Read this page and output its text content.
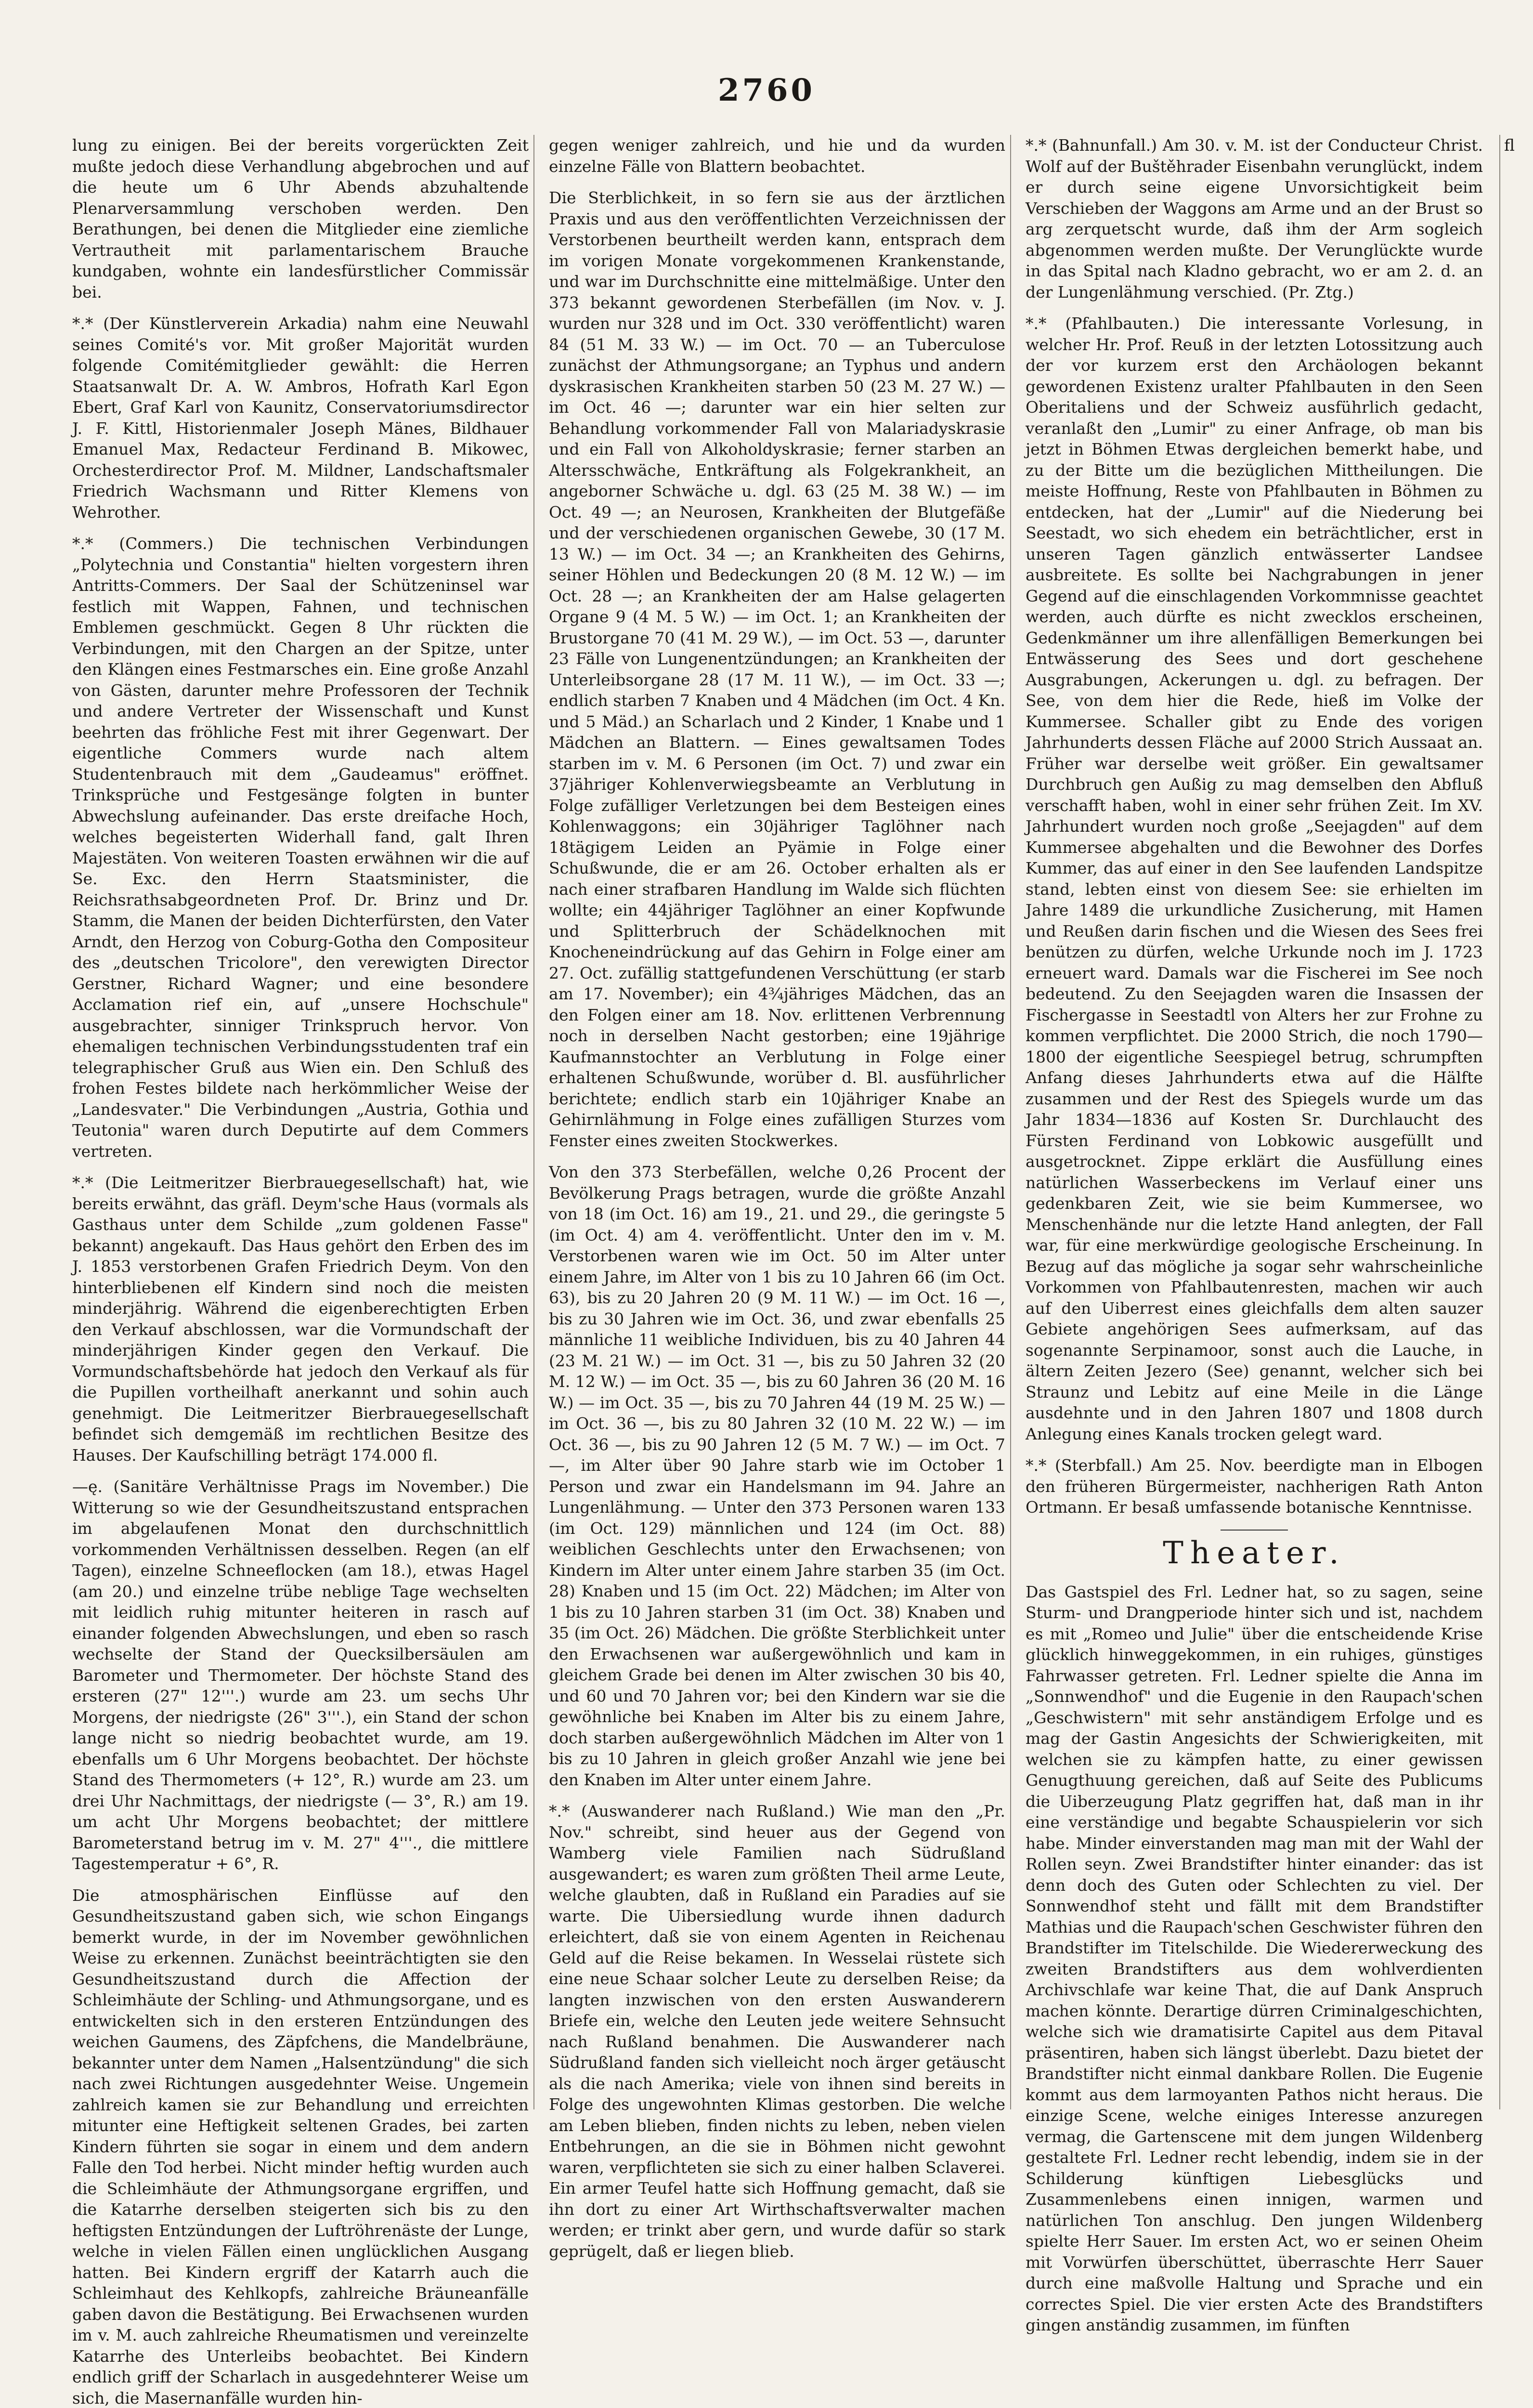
2760

lung zu einigen. Bei der bereits vorgerückten Zeit mußte jedoch diese Verhandlung abgebrochen und auf die heute um 6 Uhr Abends abzuhaltende Plenarversammlung verschoben werden. Den Berathungen, bei denen die Mitglieder eine ziemliche Vertrautheit mit parlamentarischem Brauche kundgaben, wohnte ein landesfürstlicher Commissär bei.

*.* (Der Künstlerverein Arkadia) nahm eine Neuwahl seines Comité's vor. Mit großer Majorität wurden folgende Comitémitglieder gewählt: die Herren Staatsanwalt Dr. A. W. Ambros, Hofrath Karl Egon Ebert, Graf Karl von Kaunitz, Conservatoriumsdirector J. F. Kittl, Historienmaler Joseph Mänes, Bildhauer Emanuel Max, Redacteur Ferdinand B. Mikowec, Orchesterdirector Prof. M. Mildner, Landschaftsmaler Friedrich Wachsmann und Ritter Klemens von Wehrother.

*.* (Commers.) Die technischen Verbindungen „Polytechnia und Constantia" hielten vorgestern ihren Antritts-Commers. Der Saal der Schützeninsel war festlich mit Wappen, Fahnen, und technischen Emblemen geschmückt. Gegen 8 Uhr rückten die Verbindungen, mit den Chargen an der Spitze, unter den Klängen eines Festmarsches ein. Eine große Anzahl von Gästen, darunter mehre Professoren der Technik und andere Vertreter der Wissenschaft und Kunst beehrten das fröhliche Fest mit ihrer Gegenwart. Der eigentliche Commers wurde nach altem Studentenbrauch mit dem „Gaudeamus" eröffnet. Trinksprüche und Festgesänge folgten in bunter Abwechslung aufeinander. Das erste dreifache Hoch, welches begeisterten Widerhall fand, galt Ihren Majestäten. Von weiteren Toasten erwähnen wir die auf Se. Exc. den Herrn Staatsminister, die Reichsrathsabgeordneten Prof. Dr. Brinz und Dr. Stamm, die Manen der beiden Dichterfürsten, den Vater Arndt, den Herzog von Coburg-Gotha den Compositeur des „deutschen Tricolore", den verewigten Director Gerstner, Richard Wagner; und eine besondere Acclamation rief ein, auf „unsere Hochschule" ausgebrachter, sinniger Trinkspruch hervor. Von ehemaligen technischen Verbindungsstudenten traf ein telegraphischer Gruß aus Wien ein. Den Schluß des frohen Festes bildete nach herkömmlicher Weise der „Landesvater." Die Verbindungen „Austria, Gothia und Teutonia" waren durch Deputirte auf dem Commers vertreten.

*.* (Die Leitmeritzer Bierbrauegesellschaft) hat, wie bereits erwähnt, das gräfl. Deym'sche Haus (vormals als Gasthaus unter dem Schilde „zum goldenen Fasse" bekannt) angekauft. Das Haus gehört den Erben des im J. 1853 verstorbenen Grafen Friedrich Deym. Von den hinterbliebenen elf Kindern sind noch die meisten minderjährig. Während die eigenberechtigten Erben den Verkauf abschlossen, war die Vormundschaft der minderjährigen Kinder gegen den Verkauf. Die Vormundschaftsbehörde hat jedoch den Verkauf als für die Pupillen vortheilhaft anerkannt und sohin auch genehmigt. Die Leitmeritzer Bierbrauegesellschaft befindet sich demgemäß im rechtlichen Besitze des Hauses. Der Kaufschilling beträgt 174.000 fl.

—ę. (Sanitäre Verhältnisse Prags im November.) Die Witterung so wie der Gesundheitszustand entsprachen im abgelaufenen Monat den durchschnittlich vorkommenden Verhältnissen desselben. Regen (an elf Tagen), einzelne Schneeflocken (am 18.), etwas Hagel (am 20.) und einzelne trübe neblige Tage wechselten mit leidlich ruhig mitunter heiteren in rasch auf einander folgenden Abwechslungen, und eben so rasch wechselte der Stand der Quecksilbersäulen am Barometer und Thermometer. Der höchste Stand des ersteren (27" 12'''.) wurde am 23. um sechs Uhr Morgens, der niedrigste (26" 3'''.), ein Stand der schon lange nicht so niedrig beobachtet wurde, am 19. ebenfalls um 6 Uhr Morgens beobachtet. Der höchste Stand des Thermometers (+ 12°, R.) wurde am 23. um drei Uhr Nachmittags, der niedrigste (— 3°, R.) am 19. um acht Uhr Morgens beobachtet; der mittlere Barometerstand betrug im v. M. 27" 4'''., die mittlere Tagestemperatur + 6°, R.

Die atmosphärischen Einflüsse auf den Gesundheitszustand gaben sich, wie schon Eingangs bemerkt wurde, in der im November gewöhnlichen Weise zu erkennen. Zunächst beeinträchtigten sie den Gesundheitszustand durch die Affection der Schleimhäute der Schling- und Athmungsorgane, und es entwickelten sich in den ersteren Entzündungen des weichen Gaumens, des Zäpfchens, die Mandelbräune, bekannter unter dem Namen „Halsentzündung" die sich nach zwei Richtungen ausgedehnter Weise. Ungemein zahlreich kamen sie zur Behandlung und erreichten mitunter eine Heftigkeit seltenen Grades, bei zarten Kindern führten sie sogar in einem und dem andern Falle den Tod herbei. Nicht minder heftig wurden auch die Schleimhäute der Athmungsorgane ergriffen, und die Katarrhe derselben steigerten sich bis zu den heftigsten Entzündungen der Luftröhrenäste der Lunge, welche in vielen Fällen einen unglücklichen Ausgang hatten. Bei Kindern ergriff der Katarrh auch die Schleimhaut des Kehlkopfs, zahlreiche Bräuneanfälle gaben davon die Bestätigung. Bei Erwachsenen wurden im v. M. auch zahlreiche Rheumatismen und vereinzelte Katarrhe des Unterleibs beobachtet. Bei Kindern endlich griff der Scharlach in ausgedehnterer Weise um sich, die Masernanfälle wurden hin-

gegen weniger zahlreich, und hie und da wurden einzelne Fälle von Blattern beobachtet.

Die Sterblichkeit, in so fern sie aus der ärztlichen Praxis und aus den veröffentlichten Verzeichnissen der Verstorbenen beurtheilt werden kann, entsprach dem im vorigen Monate vorgekommenen Krankenstande, und war im Durchschnitte eine mittelmäßige. Unter den 373 bekannt gewordenen Sterbefällen (im Nov. v. J. wurden nur 328 und im Oct. 330 veröffentlicht) waren 84 (51 M. 33 W.) — im Oct. 70 — an Tuberculose zunächst der Athmungsorgane; an Typhus und andern dyskrasischen Krankheiten starben 50 (23 M. 27 W.) — im Oct. 46 —; darunter war ein hier selten zur Behandlung vorkommender Fall von Malariadyskrasie und ein Fall von Alkoholdyskrasie; ferner starben an Altersschwäche, Entkräftung als Folgekrankheit, an angeborner Schwäche u. dgl. 63 (25 M. 38 W.) — im Oct. 49 —; an Neurosen, Krankheiten der Blutgefäße und der verschiedenen organischen Gewebe, 30 (17 M. 13 W.) — im Oct. 34 —; an Krankheiten des Gehirns, seiner Höhlen und Bedeckungen 20 (8 M. 12 W.) — im Oct. 28 —; an Krankheiten der am Halse gelagerten Organe 9 (4 M. 5 W.) — im Oct. 1; an Krankheiten der Brustorgane 70 (41 M. 29 W.), — im Oct. 53 —, darunter 23 Fälle von Lungenentzündungen; an Krankheiten der Unterleibsorgane 28 (17 M. 11 W.), — im Oct. 33 —; endlich starben 7 Knaben und 4 Mädchen (im Oct. 4 Kn. und 5 Mäd.) an Scharlach und 2 Kinder, 1 Knabe und 1 Mädchen an Blattern. — Eines gewaltsamen Todes starben im v. M. 6 Personen (im Oct. 7) und zwar ein 37jähriger Kohlenverwiegsbeamte an Verblutung in Folge zufälliger Verletzungen bei dem Besteigen eines Kohlenwaggons; ein 30jähriger Taglöhner nach 18tägigem Leiden an Pyämie in Folge einer Schußwunde, die er am 26. October erhalten als er nach einer strafbaren Handlung im Walde sich flüchten wollte; ein 44jähriger Taglöhner an einer Kopfwunde und Splitterbruch der Schädelknochen mit Knocheneindrückung auf das Gehirn in Folge einer am 27. Oct. zufällig stattgefundenen Verschüttung (er starb am 17. November); ein 4¾jähriges Mädchen, das an den Folgen einer am 18. Nov. erlittenen Verbrennung noch in derselben Nacht gestorben; eine 19jährige Kaufmannstochter an Verblutung in Folge einer erhaltenen Schußwunde, worüber d. Bl. ausführlicher berichtete; endlich starb ein 10jähriger Knabe an Gehirnlähmung in Folge eines zufälligen Sturzes vom Fenster eines zweiten Stockwerkes.

Von den 373 Sterbefällen, welche 0,26 Procent der Bevölkerung Prags betragen, wurde die größte Anzahl von 18 (im Oct. 16) am 19., 21. und 29., die geringste 5 (im Oct. 4) am 4. veröffentlicht. Unter den im v. M. Verstorbenen waren wie im Oct. 50 im Alter unter einem Jahre, im Alter von 1 bis zu 10 Jahren 66 (im Oct. 63), bis zu 20 Jahren 20 (9 M. 11 W.) — im Oct. 16 —, bis zu 30 Jahren wie im Oct. 36, und zwar ebenfalls 25 männliche 11 weibliche Individuen, bis zu 40 Jahren 44 (23 M. 21 W.) — im Oct. 31 —, bis zu 50 Jahren 32 (20 M. 12 W.) — im Oct. 35 —, bis zu 60 Jahren 36 (20 M. 16 W.) — im Oct. 35 —, bis zu 70 Jahren 44 (19 M. 25 W.) — im Oct. 36 —, bis zu 80 Jahren 32 (10 M. 22 W.) — im Oct. 36 —, bis zu 90 Jahren 12 (5 M. 7 W.) — im Oct. 7 —, im Alter über 90 Jahre starb wie im October 1 Person und zwar ein Handelsmann im 94. Jahre an Lungenlähmung. — Unter den 373 Personen waren 133 (im Oct. 129) männlichen und 124 (im Oct. 88) weiblichen Geschlechts unter den Erwachsenen; von Kindern im Alter unter einem Jahre starben 35 (im Oct. 28) Knaben und 15 (im Oct. 22) Mädchen; im Alter von 1 bis zu 10 Jahren starben 31 (im Oct. 38) Knaben und 35 (im Oct. 26) Mädchen. Die größte Sterblichkeit unter den Erwachsenen war außergewöhnlich und kam in gleichem Grade bei denen im Alter zwischen 30 bis 40, und 60 und 70 Jahren vor; bei den Kindern war sie die gewöhnliche bei Knaben im Alter bis zu einem Jahre, doch starben außergewöhnlich Mädchen im Alter von 1 bis zu 10 Jahren in gleich großer Anzahl wie jene bei den Knaben im Alter unter einem Jahre.

*.* (Auswanderer nach Rußland.) Wie man den „Pr. Nov." schreibt, sind heuer aus der Gegend von Wamberg viele Familien nach Südrußland ausgewandert; es waren zum größten Theil arme Leute, welche glaubten, daß in Rußland ein Paradies auf sie warte. Die Uibersiedlung wurde ihnen dadurch erleichtert, daß sie von einem Agenten in Reichenau Geld auf die Reise bekamen. In Wesselai rüstete sich eine neue Schaar solcher Leute zu derselben Reise; da langten inzwischen von den ersten Auswanderern Briefe ein, welche den Leuten jede weitere Sehnsucht nach Rußland benahmen. Die Auswanderer nach Südrußland fanden sich vielleicht noch ärger getäuscht als die nach Amerika; viele von ihnen sind bereits in Folge des ungewohnten Klimas gestorben. Die welche am Leben blieben, finden nichts zu leben, neben vielen Entbehrungen, an die sie in Böhmen nicht gewohnt waren, verpflichteten sie sich zu einer halben Sclaverei. Ein armer Teufel hatte sich Hoffnung gemacht, daß sie ihn dort zu einer Art Wirthschaftsverwalter machen werden; er trinkt aber gern, und wurde dafür so stark geprügelt, daß er liegen blieb.

*.* (Bahnunfall.) Am 30. v. M. ist der Conducteur Christ. Wolf auf der Buštěhrader Eisenbahn verunglückt, indem er durch seine eigene Unvorsichtigkeit beim Verschieben der Waggons am Arme und an der Brust so arg zerquetscht wurde, daß ihm der Arm sogleich abgenommen werden mußte. Der Verunglückte wurde in das Spital nach Kladno gebracht, wo er am 2. d. an der Lungenlähmung verschied. (Pr. Ztg.)

*.* (Pfahlbauten.) Die interessante Vorlesung, in welcher Hr. Prof. Reuß in der letzten Lotossitzung auch der vor kurzem erst den Archäologen bekannt gewordenen Existenz uralter Pfahlbauten in den Seen Oberitaliens und der Schweiz ausführlich gedacht, veranlaßt den „Lumir" zu einer Anfrage, ob man bis jetzt in Böhmen Etwas dergleichen bemerkt habe, und zu der Bitte um die bezüglichen Mittheilungen. Die meiste Hoffnung, Reste von Pfahlbauten in Böhmen zu entdecken, hat der „Lumir" auf die Niederung bei Seestadt, wo sich ehedem ein beträchtlicher, erst in unseren Tagen gänzlich entwässerter Landsee ausbreitete. Es sollte bei Nachgrabungen in jener Gegend auf die einschlagenden Vorkommnisse geachtet werden, auch dürfte es nicht zwecklos erscheinen, Gedenkmänner um ihre allenfälligen Bemerkungen bei Entwässerung des Sees und dort geschehene Ausgrabungen, Ackerungen u. dgl. zu befragen. Der See, von dem hier die Rede, hieß im Volke der Kummersee. Schaller gibt zu Ende des vorigen Jahrhunderts dessen Fläche auf 2000 Strich Aussaat an. Früher war derselbe weit größer. Ein gewaltsamer Durchbruch gen Außig zu mag demselben den Abfluß verschafft haben, wohl in einer sehr frühen Zeit. Im XV. Jahrhundert wurden noch große „Seejagden" auf dem Kummersee abgehalten und die Bewohner des Dorfes Kummer, das auf einer in den See laufenden Landspitze stand, lebten einst von diesem See: sie erhielten im Jahre 1489 die urkundliche Zusicherung, mit Hamen und Reußen darin fischen und die Wiesen des Sees frei benützen zu dürfen, welche Urkunde noch im J. 1723 erneuert ward. Damals war die Fischerei im See noch bedeutend. Zu den Seejagden waren die Insassen der Fischergasse in Seestadtl von Alters her zur Frohne zu kommen verpflichtet. Die 2000 Strich, die noch 1790—1800 der eigentliche Seespiegel betrug, schrumpften Anfang dieses Jahrhunderts etwa auf die Hälfte zusammen und der Rest des Spiegels wurde um das Jahr 1834—1836 auf Kosten Sr. Durchlaucht des Fürsten Ferdinand von Lobkowic ausgefüllt und ausgetrocknet. Zippe erklärt die Ausfüllung eines natürlichen Wasserbeckens im Verlauf einer uns gedenkbaren Zeit, wie sie beim Kummersee, wo Menschenhände nur die letzte Hand anlegten, der Fall war, für eine merkwürdige geologische Erscheinung. In Bezug auf das mögliche ja sogar sehr wahrscheinliche Vorkommen von Pfahlbautenresten, machen wir auch auf den Uiberrest eines gleichfalls dem alten sauzer Gebiete angehörigen Sees aufmerksam, auf das sogenannte Serpinamoor, sonst auch die Lauche, in ältern Zeiten Jezero (See) genannt, welcher sich bei Straunz und Lebitz auf eine Meile in die Länge ausdehnte und in den Jahren 1807 und 1808 durch Anlegung eines Kanals trocken gelegt ward.

*.* (Sterbfall.) Am 25. Nov. beerdigte man in Elbogen den früheren Bürgermeister, nachherigen Rath Anton Ortmann. Er besaß umfassende botanische Kenntnisse.

Theater.

Das Gastspiel des Frl. Ledner hat, so zu sagen, seine Sturm- und Drangperiode hinter sich und ist, nachdem es mit „Romeo und Julie" über die entscheidende Krise glücklich hinweggekommen, in ein ruhiges, günstiges Fahrwasser getreten. Frl. Ledner spielte die Anna im „Sonnwendhof" und die Eugenie in den Raupach'schen „Geschwistern" mit sehr anständigem Erfolge und es mag der Gastin Angesichts der Schwierigkeiten, mit welchen sie zu kämpfen hatte, zu einer gewissen Genugthuung gereichen, daß auf Seite des Publicums die Uiberzeugung Platz gegriffen hat, daß man in ihr eine verständige und begabte Schauspielerin vor sich habe. Minder einverstanden mag man mit der Wahl der Rollen seyn. Zwei Brandstifter hinter einander: das ist denn doch des Guten oder Schlechten zu viel. Der Sonnwendhof steht und fällt mit dem Brandstifter Mathias und die Raupach'schen Geschwister führen den Brandstifter im Titelschilde. Die Wiedererweckung des zweiten Brandstifters aus dem wohlverdienten Archivschlafe war keine That, die auf Dank Anspruch machen könnte. Derartige dürren Criminalgeschichten, welche sich wie dramatisirte Capitel aus dem Pitaval präsentiren, haben sich längst überlebt. Dazu bietet der Brandstifter nicht einmal dankbare Rollen. Die Eugenie kommt aus dem larmoyanten Pathos nicht heraus. Die einzige Scene, welche einiges Interesse anzuregen vermag, die Gartenscene mit dem jungen Wildenberg gestaltete Frl. Ledner recht lebendig, indem sie in der Schilderung künftigen Liebesglücks und Zusammenlebens einen innigen, warmen und natürlichen Ton anschlug. Den jungen Wildenberg spielte Herr Sauer. Im ersten Act, wo er seinen Oheim mit Vorwürfen überschüttet, überraschte Herr Sauer durch eine maßvolle Haltung und Sprache und ein correctes Spiel. Die vier ersten Acte des Brandstifters gingen anständig zusammen, im fünften

fl
